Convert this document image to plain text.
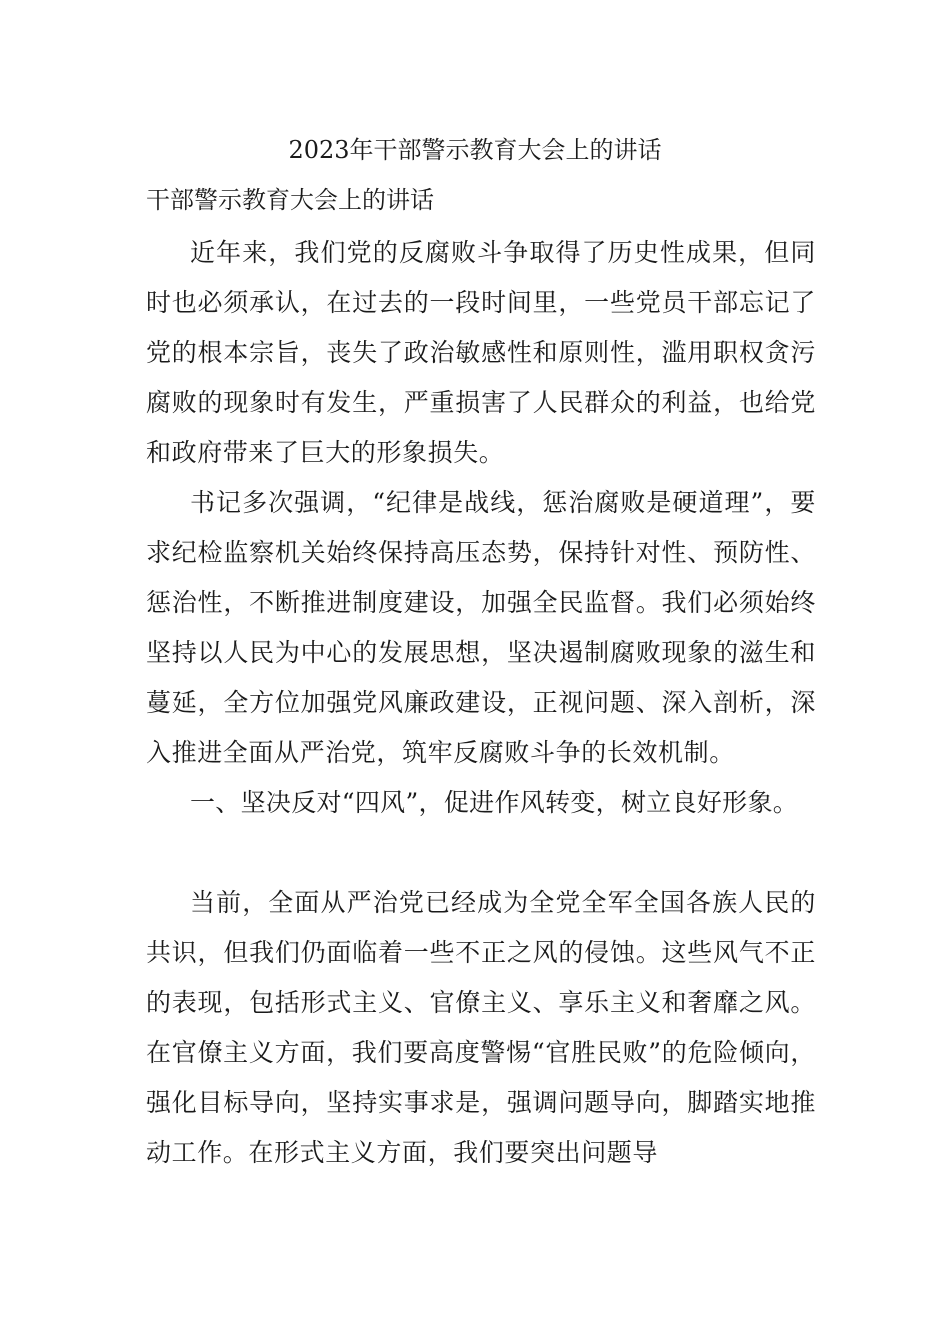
2023年干部警示教育大会上的讲话
干部警示教育大会上的讲话

近年来，我们党的反腐败斗争取得了历史性成果，但同时也必须承认，在过去的一段时间里，一些党员干部忘记了党的根本宗旨，丧失了政治敏感性和原则性，滥用职权贪污腐败的现象时有发生，严重损害了人民群众的利益，也给党和政府带来了巨大的形象损失。

书记多次强调，“纪律是战线，惩治腐败是硬道理”，要求纪检监察机关始终保持高压态势，保持针对性、预防性、惩治性，不断推进制度建设，加强全民监督。我们必须始终坚持以人民为中心的发展思想，坚决遏制腐败现象的滋生和蔓延，全方位加强党风廉政建设，正视问题、深入剖析，深入推进全面从严治党，筑牢反腐败斗争的长效机制。

一、坚决反对“四风”，促进作风转变，树立良好形象。

当前，全面从严治党已经成为全党全军全国各族人民的共识，但我们仍面临着一些不正之风的侵蚀。这些风气不正的表现，包括形式主义、官僚主义、享乐主义和奢靡之风。在官僚主义方面，我们要高度警惕“官胜民败”的危险倾向，强化目标导向，坚持实事求是，强调问题导向，脚踏实地推动工作。在形式主义方面，我们要突出问题导
